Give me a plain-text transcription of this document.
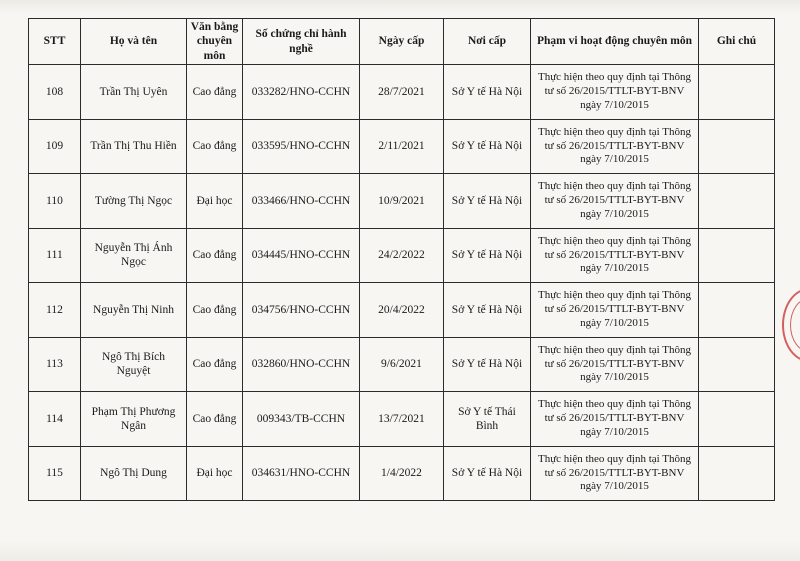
STT	Họ và tên	Văn bằng chuyên môn	Số chứng chỉ hành nghề	Ngày cấp	Nơi cấp	Phạm vi hoạt động chuyên môn	Ghi chú
108	Trần Thị Uyên	Cao đẳng	033282/HNO-CCHN	28/7/2021	Sở Y tế Hà Nội	Thực hiện theo quy định tại Thông tư số 26/2015/TTLT-BYT-BNV ngày 7/10/2015	
109	Trần Thị Thu Hiền	Cao đẳng	033595/HNO-CCHN	2/11/2021	Sở Y tế Hà Nội	Thực hiện theo quy định tại Thông tư số 26/2015/TTLT-BYT-BNV ngày 7/10/2015	
110	Tường Thị Ngọc	Đại học	033466/HNO-CCHN	10/9/2021	Sở Y tế Hà Nội	Thực hiện theo quy định tại Thông tư số 26/2015/TTLT-BYT-BNV ngày 7/10/2015	
111	Nguyễn Thị Ánh Ngọc	Cao đẳng	034445/HNO-CCHN	24/2/2022	Sở Y tế Hà Nội	Thực hiện theo quy định tại Thông tư số 26/2015/TTLT-BYT-BNV ngày 7/10/2015	
112	Nguyễn Thị Ninh	Cao đẳng	034756/HNO-CCHN	20/4/2022	Sở Y tế Hà Nội	Thực hiện theo quy định tại Thông tư số 26/2015/TTLT-BYT-BNV ngày 7/10/2015	
113	Ngô Thị Bích Nguyệt	Cao đẳng	032860/HNO-CCHN	9/6/2021	Sở Y tế Hà Nội	Thực hiện theo quy định tại Thông tư số 26/2015/TTLT-BYT-BNV ngày 7/10/2015	
114	Phạm Thị Phương Ngân	Cao đẳng	009343/TB-CCHN	13/7/2021	Sở Y tế Thái Bình	Thực hiện theo quy định tại Thông tư số 26/2015/TTLT-BYT-BNV ngày 7/10/2015	
115	Ngô Thị Dung	Đại học	034631/HNO-CCHN	1/4/2022	Sở Y tế Hà Nội	Thực hiện theo quy định tại Thông tư số 26/2015/TTLT-BYT-BNV ngày 7/10/2015	
